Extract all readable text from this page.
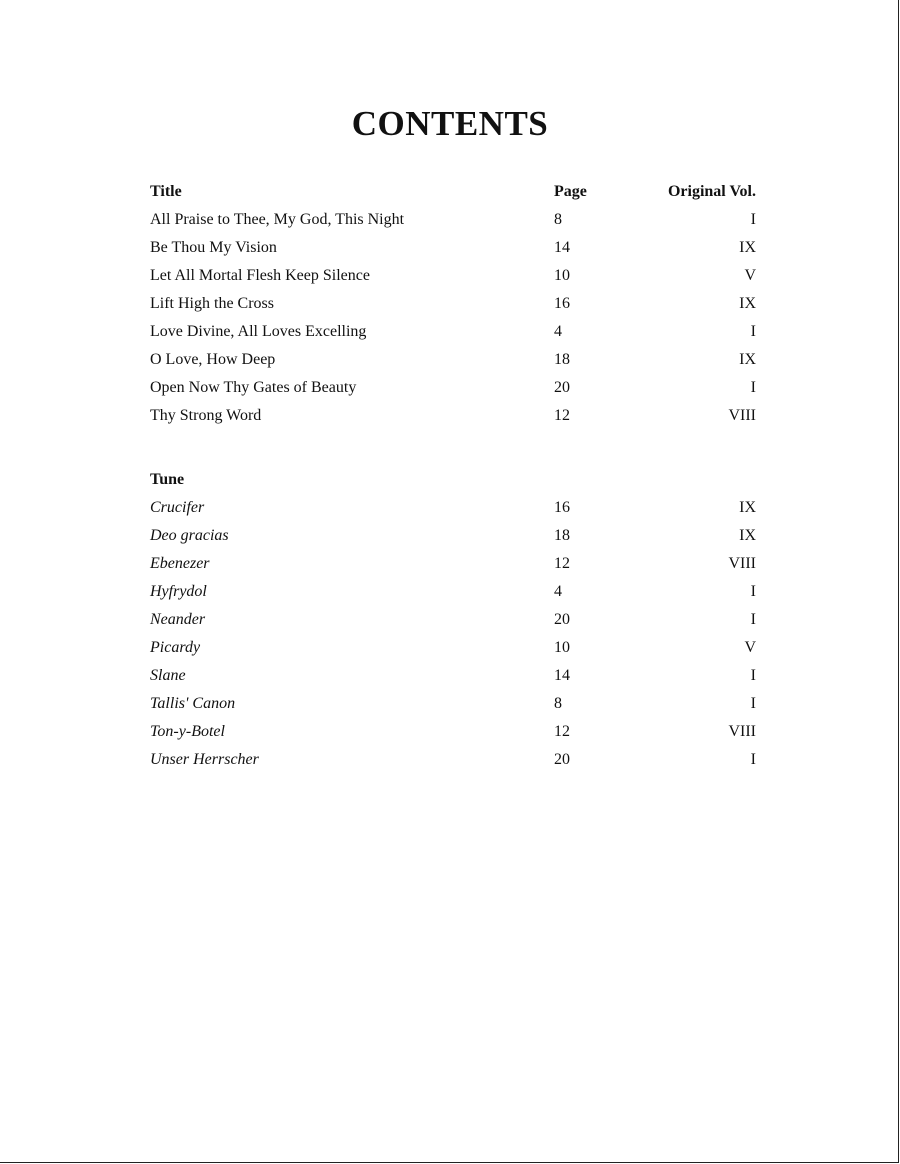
CONTENTS
Title	Page	Original Vol.
All Praise to Thee, My God, This Night	8	I
Be Thou My Vision	14	IX
Let All Mortal Flesh Keep Silence	10	V
Lift High the Cross	16	IX
Love Divine, All Loves Excelling	4	I
O Love, How Deep	18	IX
Open Now Thy Gates of Beauty	20	I
Thy Strong Word	12	VIII
Tune
Crucifer	16	IX
Deo gracias	18	IX
Ebenezer	12	VIII
Hyfrydol	4	I
Neander	20	I
Picardy	10	V
Slane	14	I
Tallis' Canon	8	I
Ton-y-Botel	12	VIII
Unser Herrscher	20	I
